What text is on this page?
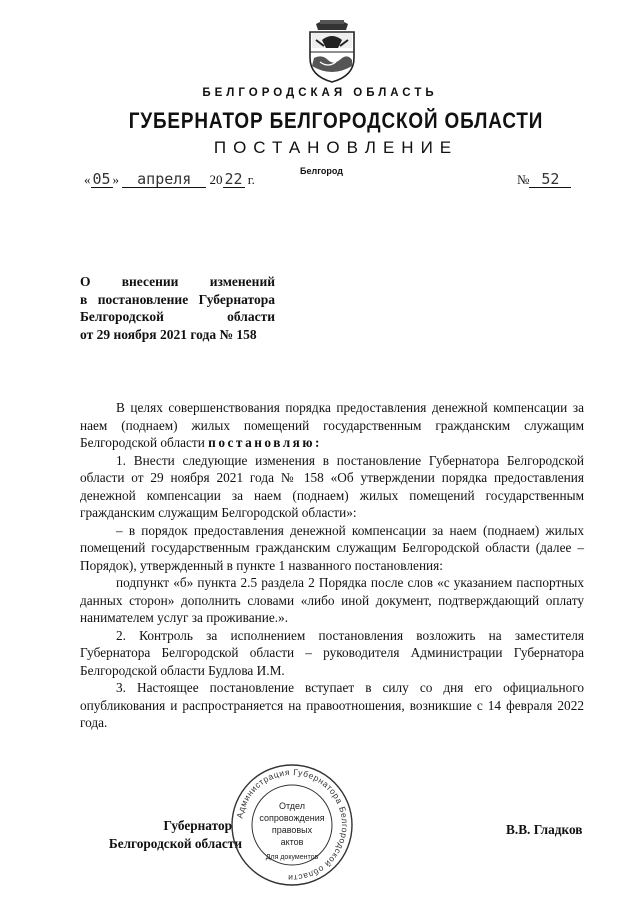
БЕЛГОРОДСКАЯ ОБЛАСТЬ
ГУБЕРНАТОР БЕЛГОРОДСКОЙ ОБЛАСТИ
ПОСТАНОВЛЕНИЕ
Белгород
« 05 » апреля 20 22 г.	№ 52
О внесении изменений
в постановление Губернатора
Белгородской области
от 29 ноября 2021 года № 158

В целях совершенствования порядка предоставления денежной компенсации за наем (поднаем) жилых помещений государственным гражданским служащим Белгородской области постановляю:

1. Внести следующие изменения в постановление Губернатора Белгородской области от 29 ноября 2021 года № 158 «Об утверждении порядка предоставления денежной компенсации за наем (поднаем) жилых помещений государственным гражданским служащим Белгородской области»:

– в порядок предоставления денежной компенсации за наем (поднаем) жилых помещений государственным гражданским служащим Белгородской области (далее – Порядок), утвержденный в пункте 1 названного постановления:

подпункт «б» пункта 2.5 раздела 2 Порядка после слов «с указанием паспортных данных сторон» дополнить словами «либо иной документ, подтверждающий оплату нанимателем услуг за проживание.».

2. Контроль за исполнением постановления возложить на заместителя Губернатора Белгородской области – руководителя Администрации Губернатора Белгородской области Будлова И.М.

3. Настоящее постановление вступает в силу со дня его официального опубликования и распространяется на правоотношения, возникшие с 14 февраля 2022 года.

Губернатор
Белгородской области
В.В. Гладков
Администрация Губернатора Белгородской области
Отдел
сопровождения
правовых
актов
Для документов
